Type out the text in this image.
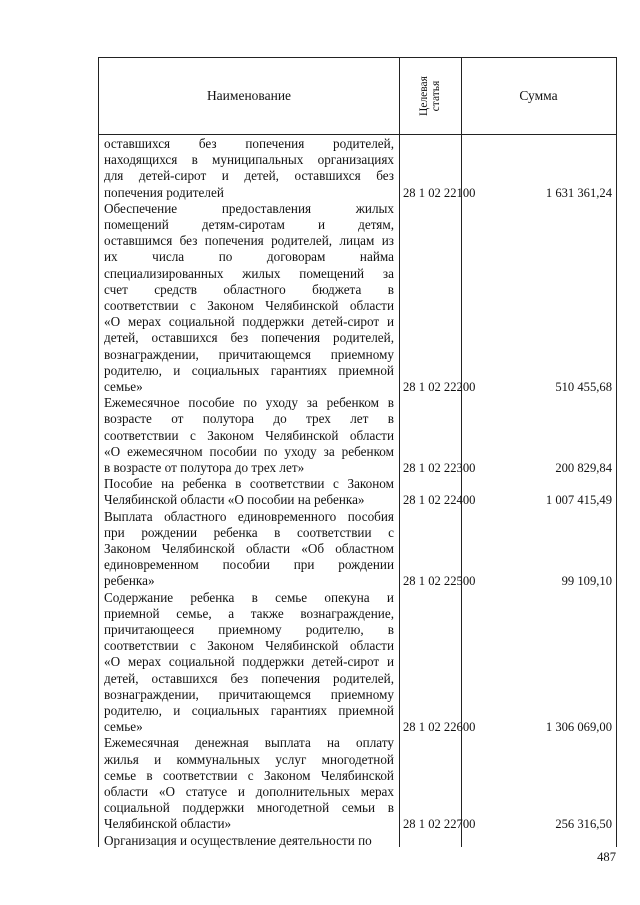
Наименование	Целевая статья	Сумма
оставшихся без попечения родителей,
находящихся в муниципальных организациях
для детей-сирот и детей, оставшихся без
попечения родителей	28 1 02 22100	1 631 361,24
Обеспечение предоставления жилых
помещений детям-сиротам и детям,
оставшимся без попечения родителей, лицам из
их числа по договорам найма
специализированных жилых помещений за
счет средств областного бюджета в
соответствии с Законом Челябинской области
«О мерах социальной поддержки детей-сирот и
детей, оставшихся без попечения родителей,
вознаграждении, причитающемся приемному
родителю, и социальных гарантиях приемной
семье»	28 1 02 22200	510 455,68
Ежемесячное пособие по уходу за ребенком в
возрасте от полутора до трех лет в
соответствии с Законом Челябинской области
«О ежемесячном пособии по уходу за ребенком
в возрасте от полутора до трех лет»	28 1 02 22300	200 829,84
Пособие на ребенка в соответствии с Законом
Челябинской области «О пособии на ребенка»	28 1 02 22400	1 007 415,49
Выплата областного единовременного пособия
при рождении ребенка в соответствии с
Законом Челябинской области «Об областном
единовременном пособии при рождении
ребенка»	28 1 02 22500	99 109,10
Содержание ребенка в семье опекуна и
приемной семье, а также вознаграждение,
причитающееся приемному родителю, в
соответствии с Законом Челябинской области
«О мерах социальной поддержки детей-сирот и
детей, оставшихся без попечения родителей,
вознаграждении, причитающемся приемному
родителю, и социальных гарантиях приемной
семье»	28 1 02 22600	1 306 069,00
Ежемесячная денежная выплата на оплату
жилья и коммунальных услуг многодетной
семье в соответствии с Законом Челябинской
области «О статусе и дополнительных мерах
социальной поддержки многодетной семьи в
Челябинской области»	28 1 02 22700	256 316,50
Организация и осуществление деятельности по
487
